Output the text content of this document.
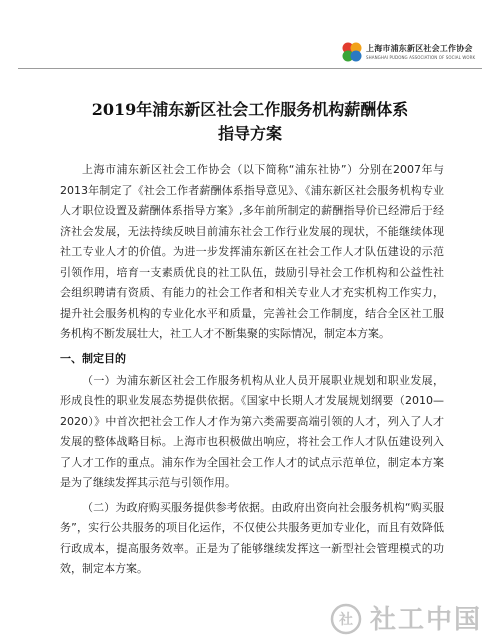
上海市浦东新区社会工作协会
SHANGHAI PUDONG ASSOCIATION OF SOCIAL WORK
2019年浦东新区社会工作服务机构薪酬体系
指导方案

上海市浦东新区社会工作协会（以下简称“浦东社协”）分别在2007年与2013年制定了《社会工作者薪酬体系指导意见》、《浦东新区社会服务机构专业人才职位设置及薪酬体系指导方案》,多年前所制定的薪酬指导价已经滞后于经济社会发展，无法持续反映目前浦东社会工作行业发展的现状，不能继续体现社工专业人才的价值。为进一步发挥浦东新区在社会工作人才队伍建设的示范引领作用，培育一支素质优良的社工队伍，鼓励引导社会工作机构和公益性社会组织聘请有资质、有能力的社会工作者和相关专业人才充实机构工作实力，提升社会服务机构的专业化水平和质量，完善社会工作制度，结合全区社工服务机构不断发展壮大，社工人才不断集聚的实际情况，制定本方案。

一、制定目的

（一）为浦东新区社会工作服务机构从业人员开展职业规划和职业发展，形成良性的职业发展态势提供依据。《国家中长期人才发展规划纲要（2010—2020）》中首次把社会工作人才作为第六类需要高端引领的人才，列入了人才发展的整体战略目标。上海市也积极做出响应，将社会工作人才队伍建设列入了人才工作的重点。浦东作为全国社会工作人才的试点示范单位，制定本方案是为了继续发挥其示范与引领作用。

（二）为政府购买服务提供参考依据。由政府出资向社会服务机构“购买服务”，实行公共服务的项目化运作，不仅使公共服务更加专业化，而且有效降低行政成本，提高服务效率。正是为了能够继续发挥这一新型社会管理模式的功效，制定本方案。

社 社工中国
